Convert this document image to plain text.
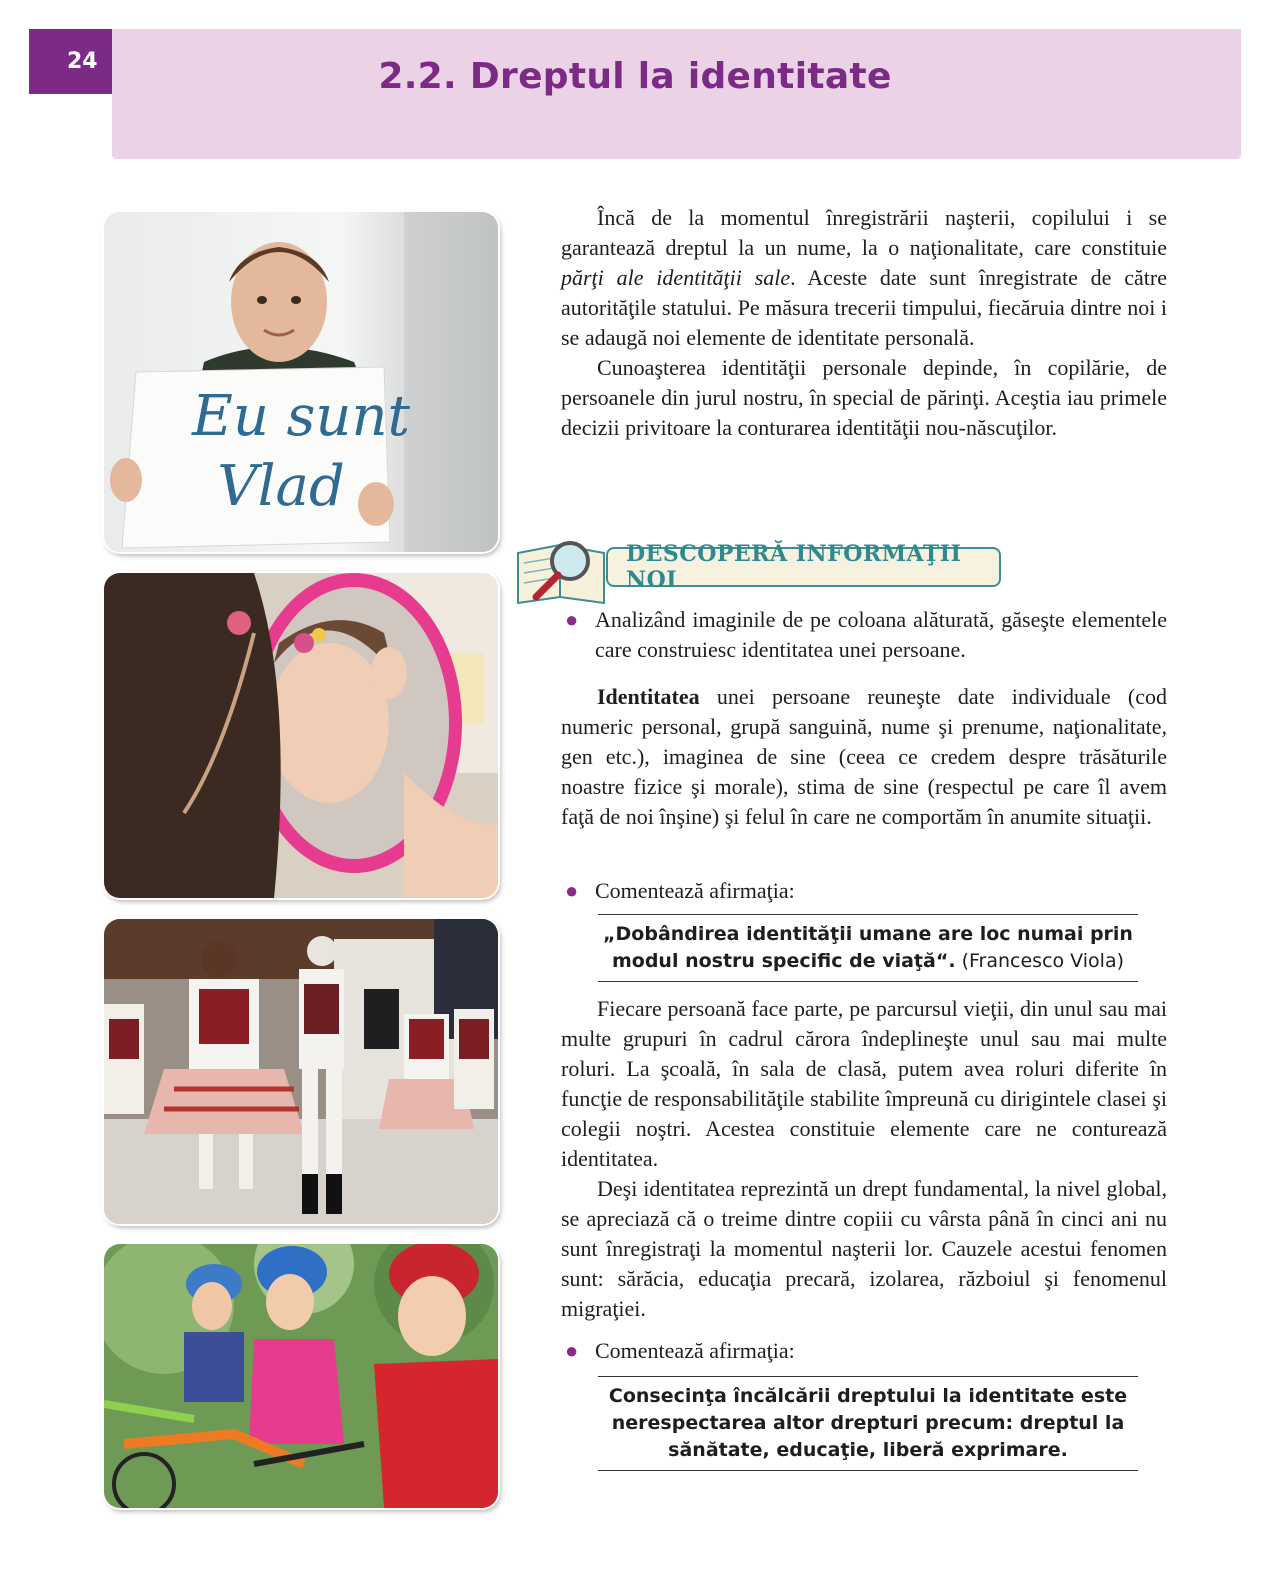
24	2.2. Dreptul la identitate
Eu sunt
Vlad

Încă de la momentul înregistrării naşterii, copilului i se garantează dreptul la un nume, la o naţionalitate, care constituie părţi ale identităţii sale. Aceste date sunt înregistrate de către autorităţile statului. Pe măsura trecerii timpului, fiecăruia dintre noi i se adaugă noi elemente de identitate personală.

Cunoaşterea identităţii personale depinde, în copilărie, de persoanele din jurul nostru, în special de părinţi. Aceştia iau primele decizii privitoare la conturarea identităţii nou-născuţilor.

DESCOPERĂ INFORMAŢII NOI
● Analizând imaginile de pe coloana alăturată, găseşte elementele care construiesc identitatea unei persoane.

Identitatea unei persoane reuneşte date individuale (cod numeric personal, grupă sanguină, nume şi prenume, naţionalitate, gen etc.), imaginea de sine (ceea ce credem despre trăsăturile noastre fizice şi morale), stima de sine (respectul pe care îl avem faţă de noi înşine) şi felul în care ne comportăm în anumite situaţii.

● Comentează afirmaţia:
„Dobândirea identităţii umane are loc numai prin modul nostru specific de viaţă“. (Francesco Viola)

Fiecare persoană face parte, pe parcursul vieţii, din unul sau mai multe grupuri în cadrul cărora îndeplineşte unul sau mai multe roluri. La şcoală, în sala de clasă, putem avea roluri diferite în funcţie de responsabilităţile stabilite împreună cu dirigintele clasei şi colegii noştri. Acestea constituie elemente care ne conturează identitatea.

Deşi identitatea reprezintă un drept fundamental, la nivel global, se apreciază că o treime dintre copiii cu vârsta până în cinci ani nu sunt înregistraţi la momentul naşterii lor. Cauzele acestui fenomen sunt: sărăcia, educaţia precară, izolarea, războiul şi fenomenul migraţiei.

● Comentează afirmaţia:
Consecinţa încălcării dreptului la identitate este nerespectarea altor drepturi precum: dreptul la sănătate, educaţie, liberă exprimare.
